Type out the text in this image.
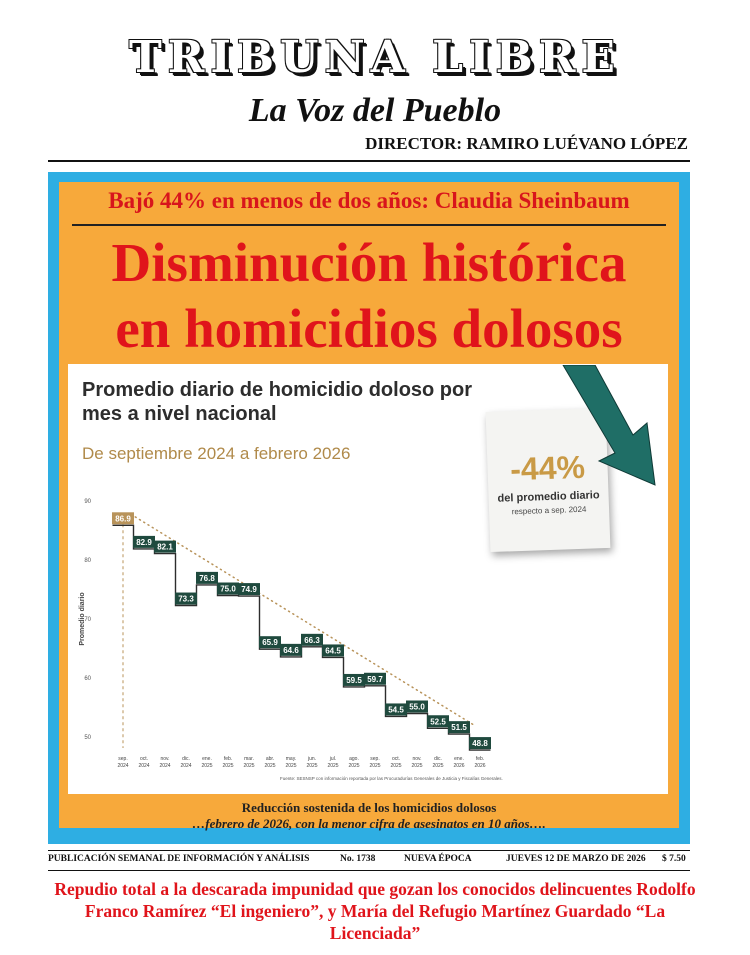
TRIBUNA LIBRE
La Voz del Pueblo
DIRECTOR: RAMIRO LUÉVANO LÓPEZ
Bajó 44% en menos de dos años: Claudia Sheinbaum
Disminución histórica
en homicidios dolosos
90
80
70
60
50
Promedio diario
86.9
82.9
82.1
73.3
76.8
75.0 74.9
65.9
64.6
66.3
64.5
59.5 59.7
54.5 55.0
52.5
51.5
48.8
sep.
2024
oct.
2024
nov.
2024
dic.
2024
ene.
2025
feb.
2025
mar.
2025
abr.
2025
may.
2025
jun.
2025
jul.
2025
ago.
2025
sep.
2025
oct.
2025
nov.
2025
dic.
2025
ene.
2026
feb.
2026
Fuente: SESNSP con información reportada por las Procuradurías Generales de Justicia y Fiscalías Generales.
Promedio diario de homicidio doloso por mes a nivel nacional
De septiembre 2024 a febrero 2026	-44%
del promedio diario
respecto a sep. 2024
Reducción sostenida de los homicidios dolosos
…febrero de 2026, con la menor cifra de asesinatos en 10 años….
PUBLICACIÓN SEMANAL DE INFORMACIÓN Y ANÁLISIS	No. 1738	NUEVA ÉPOCA	JUEVES 12 DE MARZO DE 2026 $ 7.50
Repudio total a la descarada impunidad que gozan los conocidos delincuentes Rodolfo
Franco Ramírez “El ingeniero”, y María del Refugio Martínez Guardado “La Licenciada”
